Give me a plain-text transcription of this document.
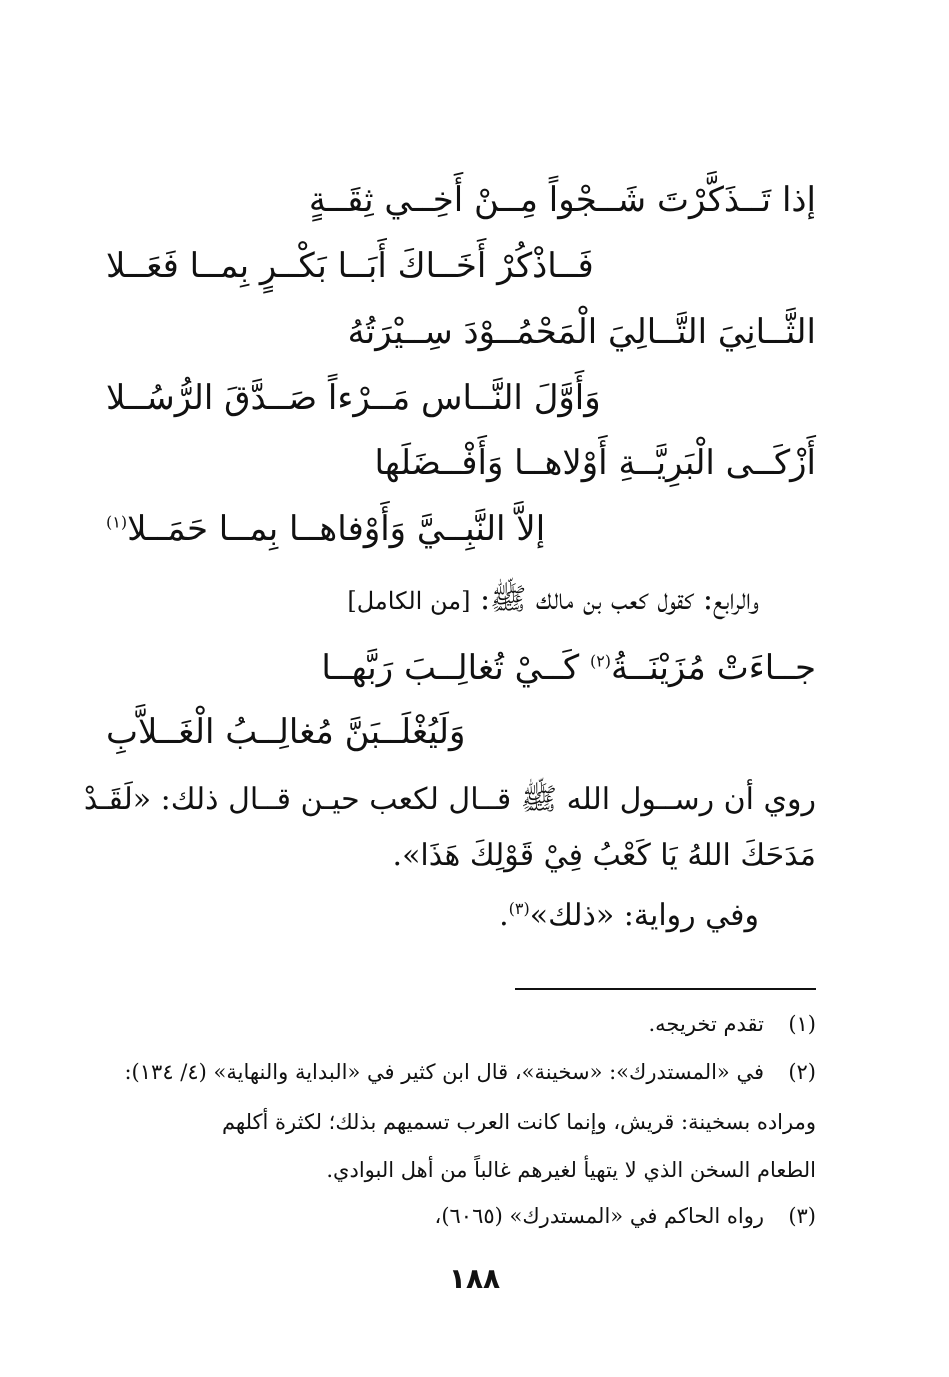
إذا تَــذَكَّرْتَ شَــجْواً مِــنْ أَخِــي ثِقَــةٍ
فَــاذْكُرْ أَخَــاكَ أَبَــا بَكْــرٍ بِمــا فَعَــلا
الثَّــانِيَ التَّــالِيَ الْمَحْمُــوْدَ سِــيْرَتُهُ
وَأَوَّلَ النَّــاس مَــرْءاً صَــدَّقَ الرُّسُــلا
أَزْكَــى الْبَرِيَّــةِ أَوْلاهــا وَأَفْــضَلَها
إلاَّ النَّبِــيَّ وَأَوْفاهــا بِمــا حَمَــلا$^{(١)}$
والرابع: كقول كعب بن مالك ﷺ: [من الكامل]
جــاءَتْ مُزَيْنَــةُ$^{(٢)}$ كَــيْ تُغالِــبَ رَبَّهــا
وَلَيُغْلَــبَنَّ مُغالِــبُ الْغَــلاَّبِ
روي أن رســول الله ﷺ قــال لكعب حيـن قــال ذلك: «لَقَـدْ
مَدَحَكَ اللهُ يَا كَعْبُ فِيْ قَوْلِكَ هَذَا».
وفي رواية: «ذلك»$^{(٣)}$.
(١)تقدم تخريجه.
(٢)في «المستدرك»: «سخينة»، قال ابن كثير في «البداية والنهاية» (٤/ ١٣٤):
ومراده بسخينة: قريش، وإنما كانت العرب تسميهم بذلك؛ لكثرة أكلهم
الطعام السخن الذي لا يتهيأ لغيرهم غالباً من أهل البوادي.
(٣)رواه الحاكم في «المستدرك» (٦٠٦٥)،
١٨٨
